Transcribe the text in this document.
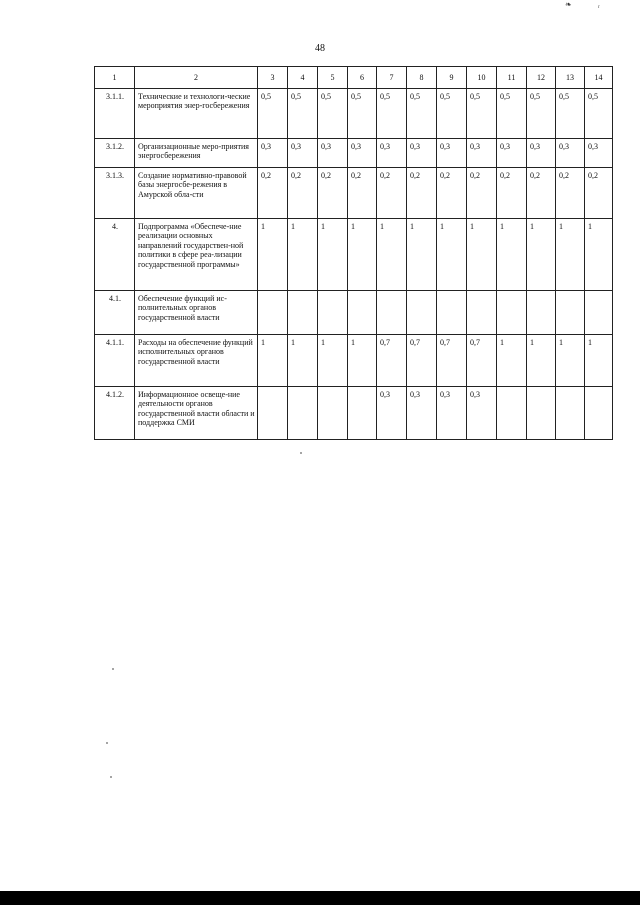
❧	ʳ
48
1	2	3	4	5	6	7	8	9	10	11	12	13	14
3.1.1.	Технические и технологи-ческие мероприятия энер-госбережения	0,5	0,5	0,5	0,5	0,5	0,5	0,5	0,5	0,5	0,5	0,5	0,5
3.1.2.	Организационные меро-приятия энергосбережения	0,3	0,3	0,3	0,3	0,3	0,3	0,3	0,3	0,3	0,3	0,3	0,3
3.1.3.	Создание нормативно-правовой базы энергосбе-режения в Амурской обла-сти	0,2	0,2	0,2	0,2	0,2	0,2	0,2	0,2	0,2	0,2	0,2	0,2
4.	Подпрограмма «Обеспече-ние реализации основных направлений государствен-ной политики в сфере реа-лизации государственной программы»	1	1	1	1	1	1	1	1	1	1	1	1
4.1.	Обеспечение функций ис-полнительных органов государственной власти												
4.1.1.	Расходы на обеспечение функций исполнительных органов государственной власти	1	1	1	1	0,7	0,7	0,7	0,7	1	1	1	1
4.1.2.	Информационное освеще-ние деятельности органов государственной власти области и поддержка СМИ					0,3	0,3	0,3	0,3				
